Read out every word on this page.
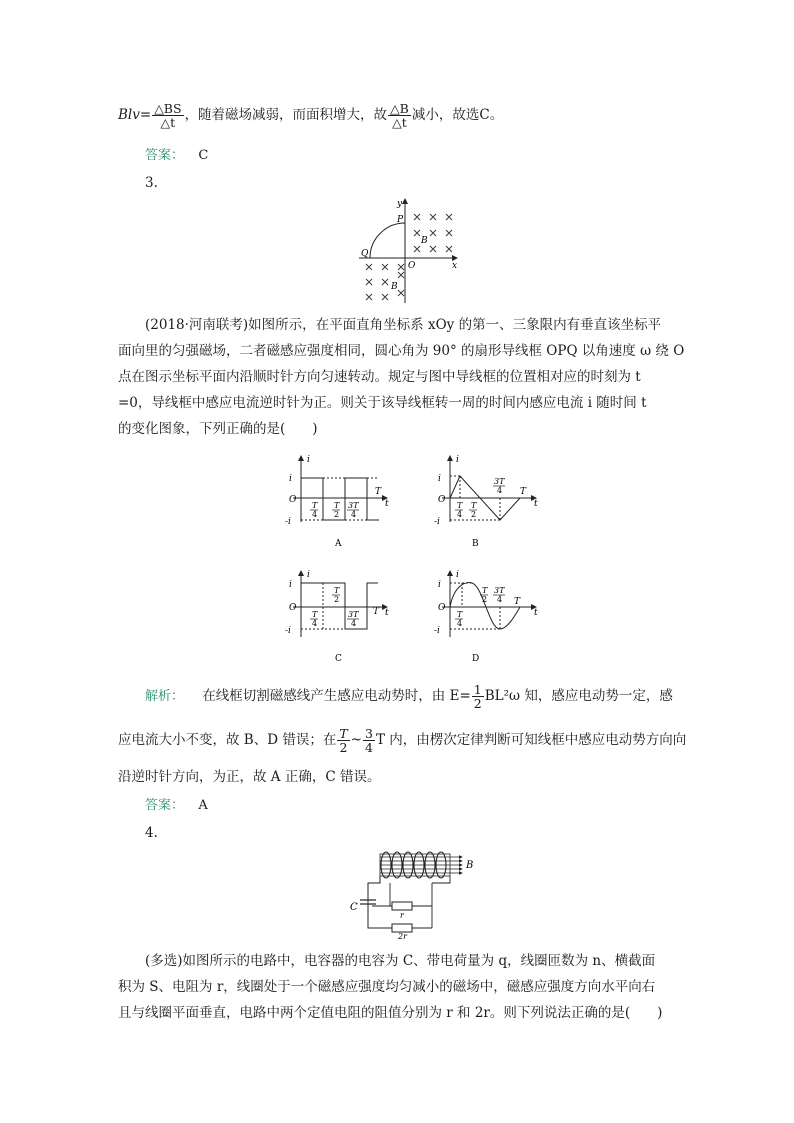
$Blv= \frac{\triangle BS}{\triangle t}$ ，随着磁场减弱，而面积增大，故 $\frac{\triangle B}{\triangle t}$ 减小，故选C。
答案： C
3.
y
x
P
Q
O
B
B
(2018·河南联考)如图所示，在平面直角坐标系 xOy 的第一、三象限内有垂直该坐标平
面向里的匀强磁场，二者磁感应强度相同，圆心角为 90° 的扇形导线框 OPQ 以角速度 ω 绕 O
点在图示坐标平面内沿顺时针方向匀速转动。规定与图中导线框的位置相对应的时刻为 t
=0，导线框中感应电流逆时针为正。则关于该导线框转一周的时间内感应电流 i 随时间 t
的变化图象，下列正确的是(　　)
i
i
O
-i
t
T
T
4
T
2
3T
4
A
i
i
O
-i
t
T
T
4
T
2
3T
4
B
i
i
O
-i
t
T
T
2
T
4
3T
4
C
i
i
O
-i
t
T
T
2
3T
4
T
4
D
解析： 在线框切割磁感线产生感应电动势时，由 $E= \frac{1}{2} BL^2\omega$ 知，感应电动势一定，感
应电流大小不变，故 B、D 错误；在 $\frac{T}{2}$ ~ $\frac{3}{4}$ T 内，由楞次定律判断可知线框中感应电动势方向向
沿逆时针方向，为正，故 A 正确，C 错误。
答案： A
4.
B
C
r
2r
(多选)如图所示的电路中，电容器的电容为 C、带电荷量为 q，线圈匝数为 n、横截面
积为 S、电阻为 r，线圈处于一个磁感应强度均匀减小的磁场中，磁感应强度方向水平向右
且与线圈平面垂直，电路中两个定值电阻的阻值分别为 r 和 2r。则下列说法正确的是(　　)
